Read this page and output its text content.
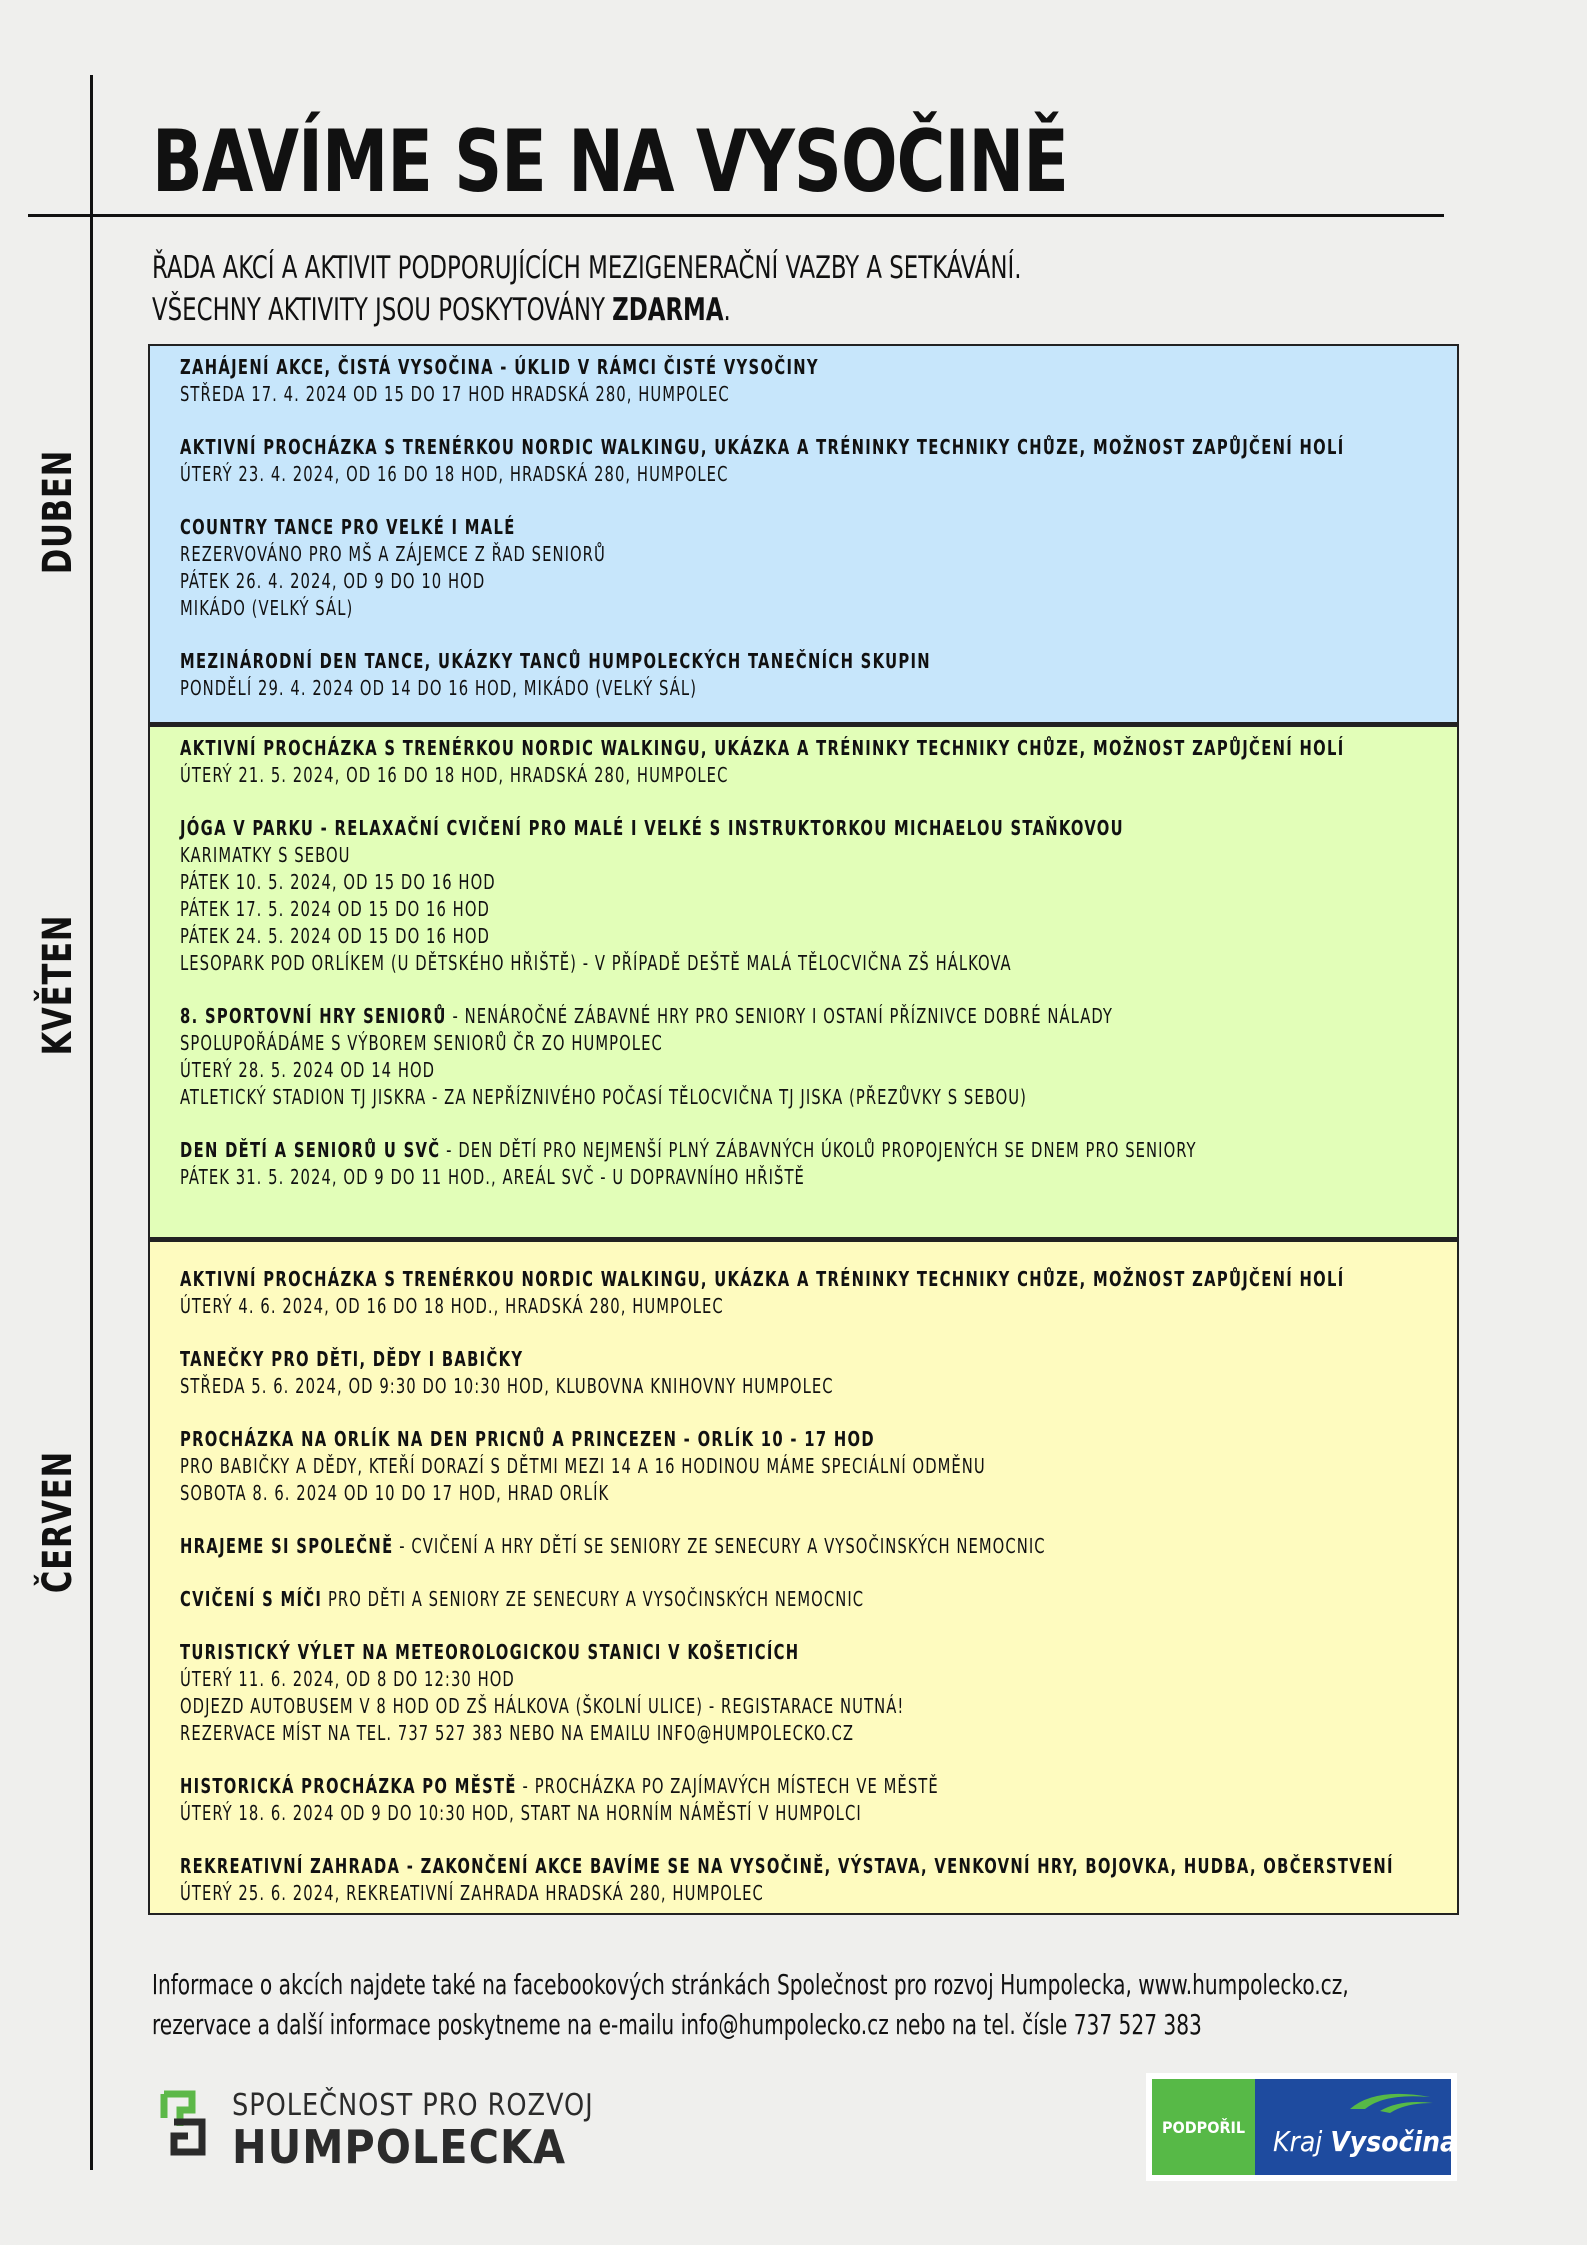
BAVÍME SE NA VYSOČINĚ
ŘADA AKCÍ A AKTIVIT PODPORUJÍCÍCH MEZIGENERAČNÍ VAZBY A SETKÁVÁNÍ.
VŠECHNY AKTIVITY JSOU POSKYTOVÁNY ZDARMA.
DUBEN
KVĚTEN
ČERVEN
ZAHÁJENÍ AKCE, ČISTÁ VYSOČINA - ÚKLID V RÁMCI ČISTÉ VYSOČINY
STŘEDA 17. 4. 2024 OD 15 DO 17 HOD HRADSKÁ 280, HUMPOLEC
AKTIVNÍ PROCHÁZKA S TRENÉRKOU NORDIC WALKINGU, UKÁZKA A TRÉNINKY TECHNIKY CHŮZE, MOŽNOST ZAPŮJČENÍ HOLÍ
ÚTERÝ 23. 4. 2024, OD 16 DO 18 HOD, HRADSKÁ 280, HUMPOLEC
COUNTRY TANCE PRO VELKÉ I MALÉ
REZERVOVÁNO PRO MŠ A ZÁJEMCE Z ŘAD SENIORŮ
PÁTEK 26. 4. 2024, OD 9 DO 10 HOD
MIKÁDO (VELKÝ SÁL)
MEZINÁRODNÍ DEN TANCE, UKÁZKY TANCŮ HUMPOLECKÝCH TANEČNÍCH SKUPIN
PONDĚLÍ 29. 4. 2024 OD 14 DO 16 HOD, MIKÁDO (VELKÝ SÁL)
AKTIVNÍ PROCHÁZKA S TRENÉRKOU NORDIC WALKINGU, UKÁZKA A TRÉNINKY TECHNIKY CHŮZE, MOŽNOST ZAPŮJČENÍ HOLÍ
ÚTERÝ 21. 5. 2024, OD 16 DO 18 HOD, HRADSKÁ 280, HUMPOLEC
JÓGA V PARKU - RELAXAČNÍ CVIČENÍ PRO MALÉ I VELKÉ S INSTRUKTORKOU MICHAELOU STAŇKOVOU
KARIMATKY S SEBOU
PÁTEK 10. 5. 2024, OD 15 DO 16 HOD
PÁTEK 17. 5. 2024 OD 15 DO 16 HOD
PÁTEK 24. 5. 2024 OD 15 DO 16 HOD
LESOPARK POD ORLÍKEM (U DĚTSKÉHO HŘIŠTĚ) - V PŘÍPADĚ DEŠTĚ MALÁ TĚLOCVIČNA ZŠ HÁLKOVA
8. SPORTOVNÍ HRY SENIORŮ - NENÁROČNÉ ZÁBAVNÉ HRY PRO SENIORY I OSTANÍ PŘÍZNIVCE DOBRÉ NÁLADY
SPOLUPOŘÁDÁME S VÝBOREM SENIORŮ ČR ZO HUMPOLEC
ÚTERÝ 28. 5. 2024 OD 14 HOD
ATLETICKÝ STADION TJ JISKRA - ZA NEPŘÍZNIVÉHO POČASÍ TĚLOCVIČNA TJ JISKA (PŘEZŮVKY S SEBOU)
DEN DĚTÍ A SENIORŮ U SVČ - DEN DĚTÍ PRO NEJMENŠÍ PLNÝ ZÁBAVNÝCH ÚKOLŮ PROPOJENÝCH SE DNEM PRO SENIORY
PÁTEK 31. 5. 2024, OD 9 DO 11 HOD., AREÁL SVČ - U DOPRAVNÍHO HŘIŠTĚ
AKTIVNÍ PROCHÁZKA S TRENÉRKOU NORDIC WALKINGU, UKÁZKA A TRÉNINKY TECHNIKY CHŮZE, MOŽNOST ZAPŮJČENÍ HOLÍ
ÚTERÝ 4. 6. 2024, OD 16 DO 18 HOD., HRADSKÁ 280, HUMPOLEC
TANEČKY PRO DĚTI, DĚDY I BABIČKY
STŘEDA 5. 6. 2024, OD 9:30 DO 10:30 HOD, KLUBOVNA KNIHOVNY HUMPOLEC
PROCHÁZKA NA ORLÍK NA DEN PRICNŮ A PRINCEZEN - ORLÍK 10 - 17 HOD
PRO BABIČKY A DĚDY, KTEŘÍ DORAZÍ S DĚTMI MEZI 14 A 16 HODINOU MÁME SPECIÁLNÍ ODMĚNU
SOBOTA 8. 6. 2024 OD 10 DO 17 HOD, HRAD ORLÍK
HRAJEME SI SPOLEČNĚ - CVIČENÍ A HRY DĚTÍ SE SENIORY ZE SENECURY A VYSOČINSKÝCH NEMOCNIC
CVIČENÍ S MÍČI PRO DĚTI A SENIORY ZE SENECURY A VYSOČINSKÝCH NEMOCNIC
TURISTICKÝ VÝLET NA METEOROLOGICKOU STANICI V KOŠETICÍCH
ÚTERÝ 11. 6. 2024, OD 8 DO 12:30 HOD
ODJEZD AUTOBUSEM V 8 HOD OD ZŠ HÁLKOVA (ŠKOLNÍ ULICE) - REGISTARACE NUTNÁ!
REZERVACE MÍST NA TEL. 737 527 383 NEBO NA EMAILU INFO@HUMPOLECKO.CZ
HISTORICKÁ PROCHÁZKA PO MĚSTĚ - PROCHÁZKA PO ZAJÍMAVÝCH MÍSTECH VE MĚSTĚ
ÚTERÝ 18. 6. 2024 OD 9 DO 10:30 HOD, START NA HORNÍM NÁMĚSTÍ V HUMPOLCI
REKREATIVNÍ ZAHRADA - ZAKONČENÍ AKCE BAVÍME SE NA VYSOČINĚ, VÝSTAVA, VENKOVNÍ HRY, BOJOVKA, HUDBA, OBČERSTVENÍ
ÚTERÝ 25. 6. 2024, REKREATIVNÍ ZAHRADA HRADSKÁ 280, HUMPOLEC
Informace o akcích najdete také na facebookových stránkách Společnost pro rozvoj Humpolecka, www.humpolecko.cz,
rezervace a další informace poskytneme na e-mailu info@humpolecko.cz nebo na tel. čísle 737 527 383
SPOLEČNOST PRO ROZVOJ
HUMPOLECKA	PODPOŘIL Kraj Vysočina
